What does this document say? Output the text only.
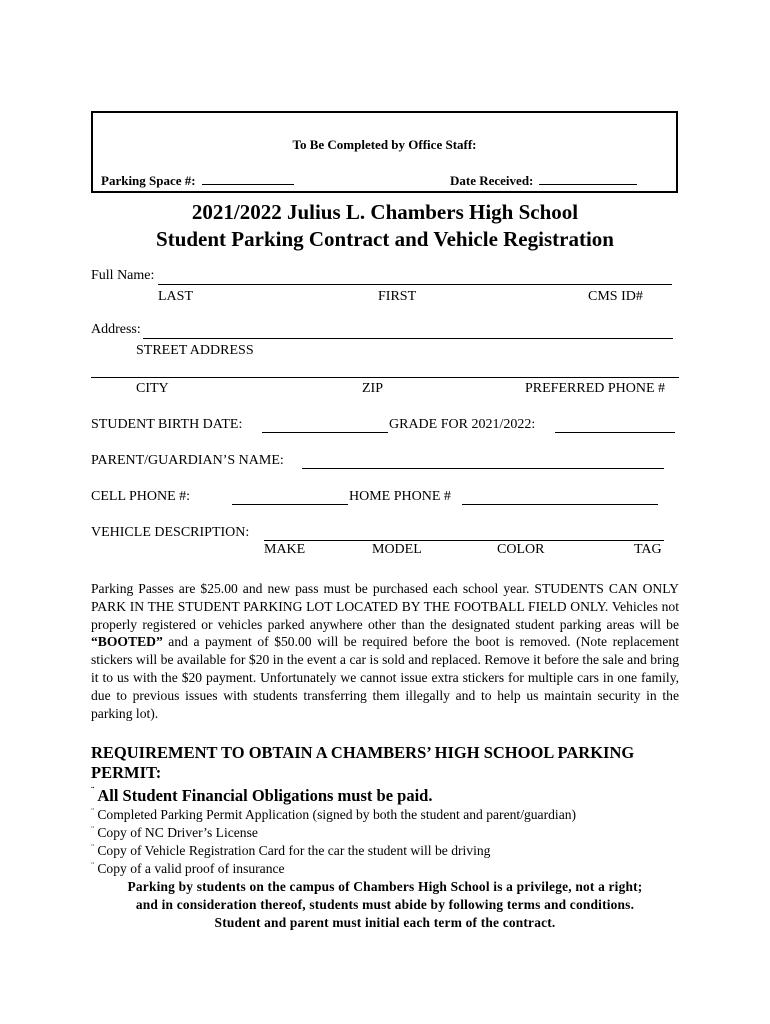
To Be Completed by Office Staff:
Parking Space #:	Date Received:
2021/2022 Julius L. Chambers High School
Student Parking Contract and Vehicle Registration
Full Name:
LAST	FIRST	CMS ID#
Address:
STREET ADDRESS
CITY	ZIP	PREFERRED PHONE #
STUDENT BIRTH DATE:	GRADE FOR 2021/2022:
PARENT/GUARDIAN’S NAME:
CELL PHONE #:	HOME PHONE #
VEHICLE DESCRIPTION:
MAKE	MODEL	COLOR	TAG
Parking Passes are $25.00 and new pass must be purchased each school year. STUDENTS CAN ONLY PARK IN THE STUDENT PARKING LOT LOCATED BY THE FOOTBALL FIELD ONLY. Vehicles not properly registered or vehicles parked anywhere other than the designated student parking areas will be “BOOTED” and a payment of $50.00 will be required before the boot is removed. (Note replacement stickers will be available for $20 in the event a car is sold and replaced. Remove it before the sale and bring it to us with the $20 payment. Unfortunately we cannot issue extra stickers for multiple cars in one family, due to previous issues with students transferring them illegally and to help us maintain security in the parking lot).
REQUIREMENT TO OBTAIN A CHAMBERS’ HIGH SCHOOL PARKING PERMIT:
¨ All Student Financial Obligations must be paid.
¨ Completed Parking Permit Application (signed by both the student and parent/guardian)
¨ Copy of NC Driver’s License
¨ Copy of Vehicle Registration Card for the car the student will be driving
¨ Copy of a valid proof of insurance
Parking by students on the campus of Chambers High School is a privilege, not a right;
and in consideration thereof, students must abide by following terms and conditions.
Student and parent must initial each term of the contract.
